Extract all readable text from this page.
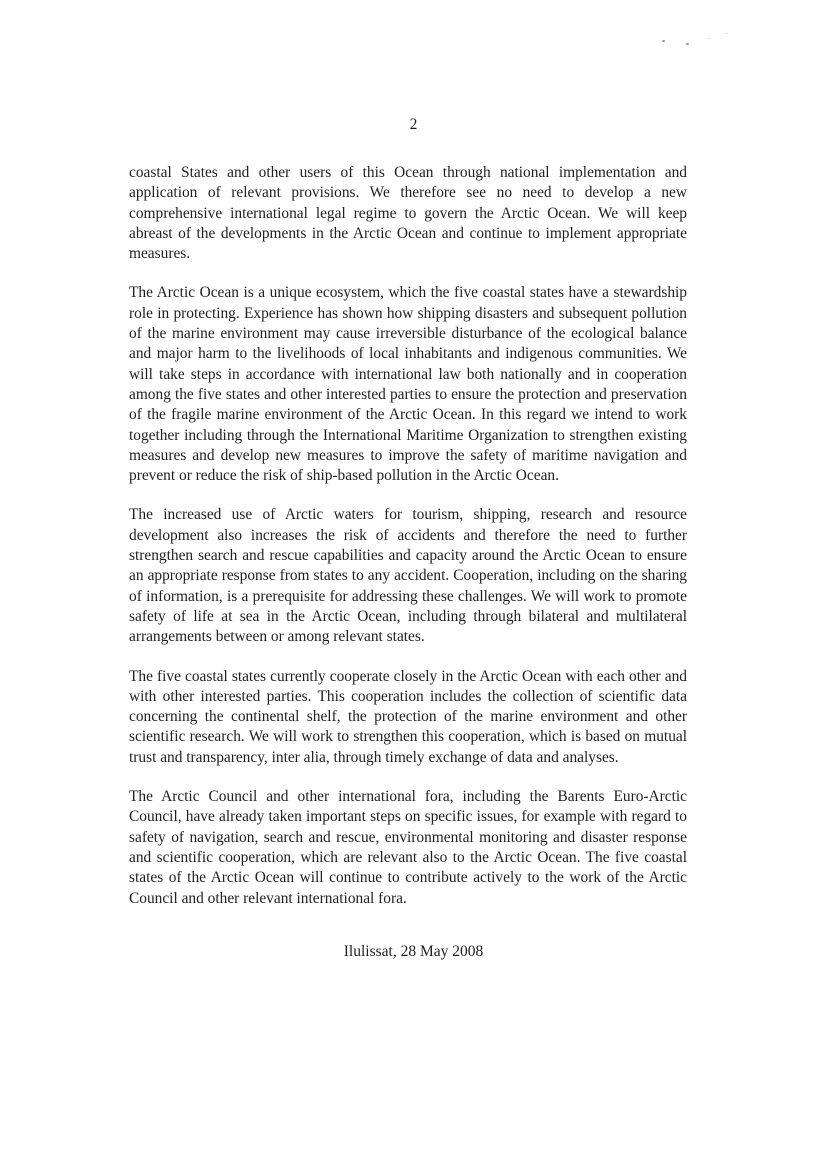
2

coastal States and other users of this Ocean through national implementation and application of relevant provisions. We therefore see no need to develop a new comprehensive international legal regime to govern the Arctic Ocean. We will keep abreast of the developments in the Arctic Ocean and continue to implement appropriate measures.

The Arctic Ocean is a unique ecosystem, which the five coastal states have a stewardship role in protecting. Experience has shown how shipping disasters and subsequent pollution of the marine environment may cause irreversible disturbance of the ecological balance and major harm to the livelihoods of local inhabitants and indigenous communities. We will take steps in accordance with international law both nationally and in cooperation among the five states and other interested parties to ensure the protection and preservation of the fragile marine environment of the Arctic Ocean. In this regard we intend to work together including through the International Maritime Organization to strengthen existing measures and develop new measures to improve the safety of maritime navigation and prevent or reduce the risk of ship-based pollution in the Arctic Ocean.

The increased use of Arctic waters for tourism, shipping, research and resource development also increases the risk of accidents and therefore the need to further strengthen search and rescue capabilities and capacity around the Arctic Ocean to ensure an appropriate response from states to any accident. Cooperation, including on the sharing of information, is a prerequisite for addressing these challenges. We will work to promote safety of life at sea in the Arctic Ocean, including through bilateral and multilateral arrangements between or among relevant states.

The five coastal states currently cooperate closely in the Arctic Ocean with each other and with other interested parties. This cooperation includes the collection of scientific data concerning the continental shelf, the protection of the marine environment and other scientific research. We will work to strengthen this cooperation, which is based on mutual trust and transparency, inter alia, through timely exchange of data and analyses.

The Arctic Council and other international fora, including the Barents Euro-Arctic Council, have already taken important steps on specific issues, for example with regard to safety of navigation, search and rescue, environmental monitoring and disaster response and scientific cooperation, which are relevant also to the Arctic Ocean. The five coastal states of the Arctic Ocean will continue to contribute actively to the work of the Arctic Council and other relevant international fora.

Ilulissat, 28 May 2008
